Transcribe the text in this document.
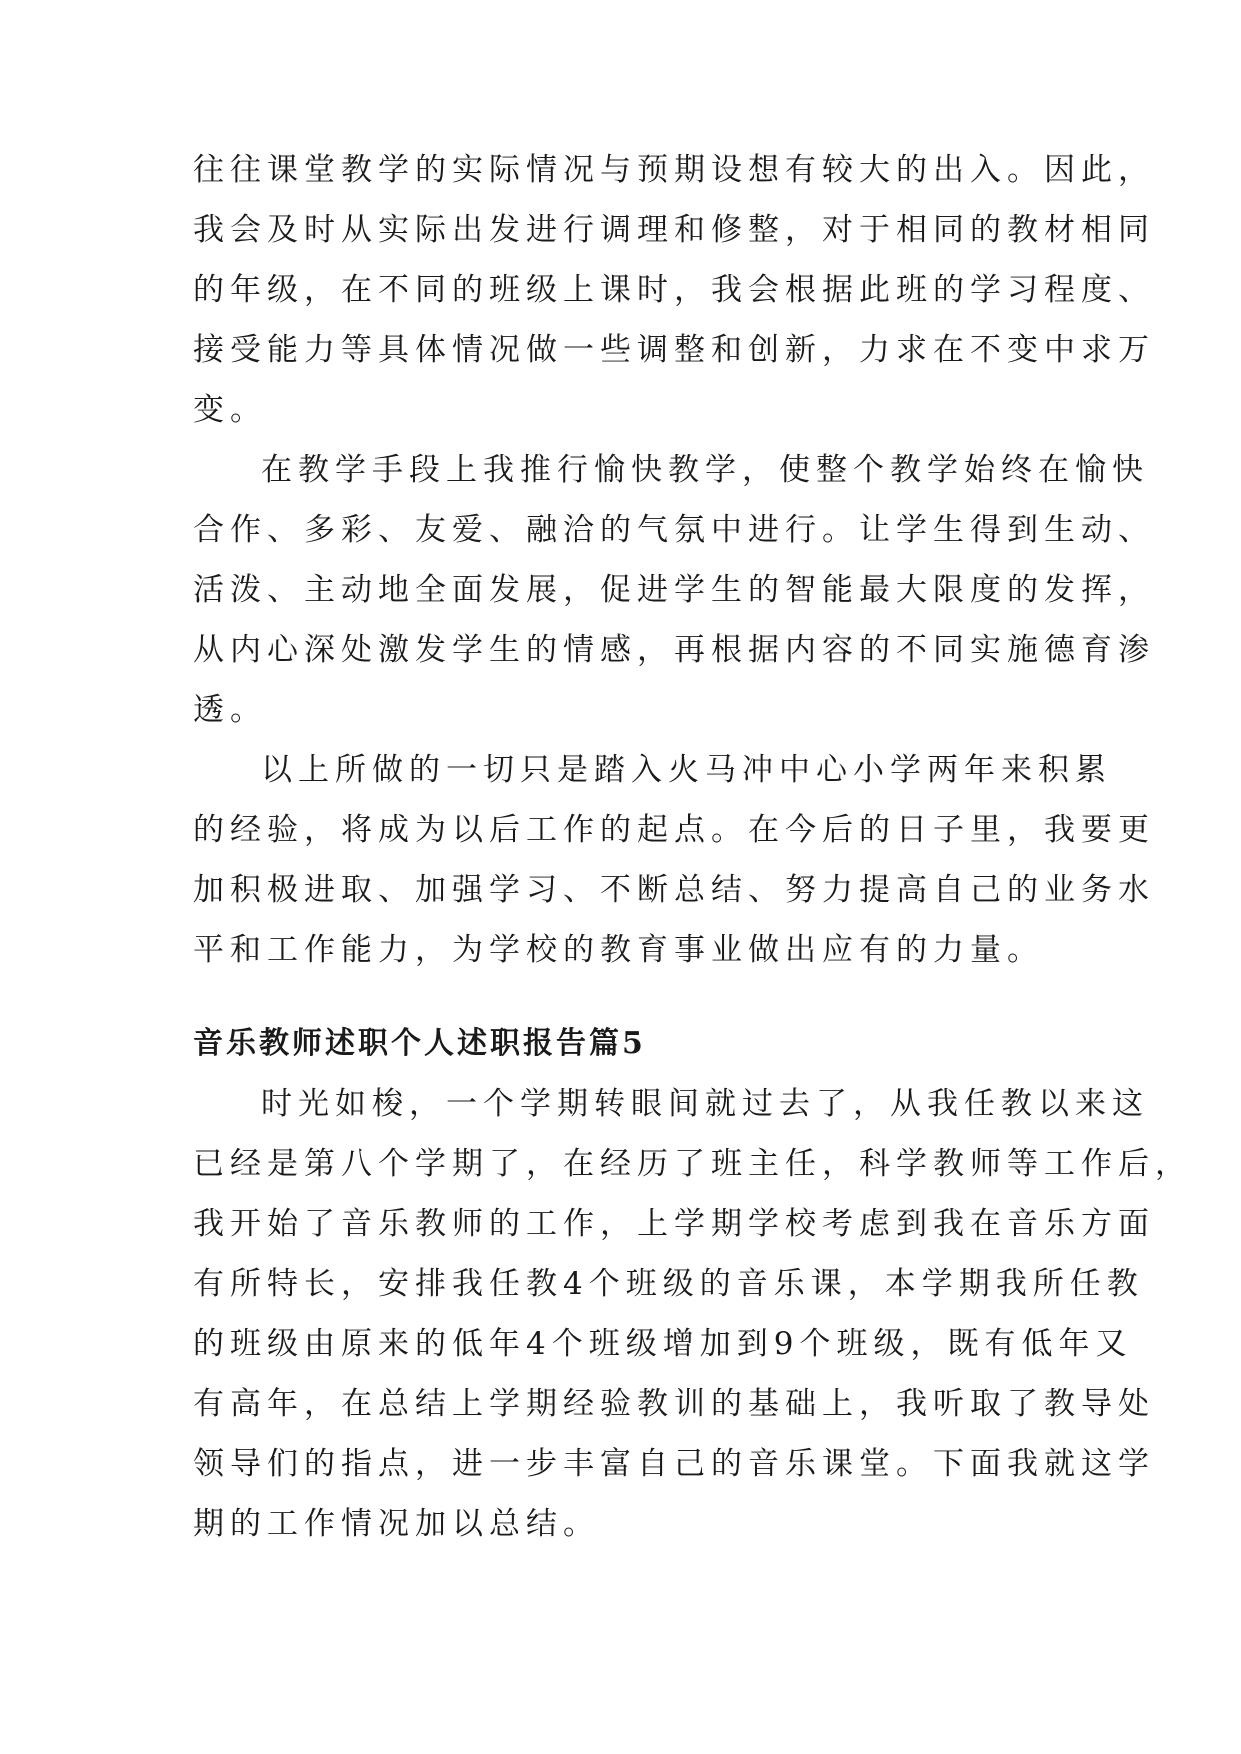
往往课堂教学的实际情况与预期设想有较大的出入。因此，
我会及时从实际出发进行调理和修整，对于相同的教材相同
的年级，在不同的班级上课时，我会根据此班的学习程度、
接受能力等具体情况做一些调整和创新，力求在不变中求万
变。

在教学手段上我推行愉快教学，使整个教学始终在愉快
合作、多彩、友爱、融洽的气氛中进行。让学生得到生动、
活泼、主动地全面发展，促进学生的智能最大限度的发挥，
从内心深处激发学生的情感，再根据内容的不同实施德育渗
透。

以上所做的一切只是踏入火马冲中心小学两年来积累
的经验，将成为以后工作的起点。在今后的日子里，我要更
加积极进取、加强学习、不断总结、努力提高自己的业务水
平和工作能力，为学校的教育事业做出应有的力量。

音乐教师述职个人述职报告篇5

时光如梭，一个学期转眼间就过去了，从我任教以来这
已经是第八个学期了，在经历了班主任，科学教师等工作后，
我开始了音乐教师的工作，上学期学校考虑到我在音乐方面
有所特长，安排我任教4个班级的音乐课，本学期我所任教
的班级由原来的低年4个班级增加到9个班级，既有低年又
有高年，在总结上学期经验教训的基础上，我听取了教导处
领导们的指点，进一步丰富自己的音乐课堂。下面我就这学
期的工作情况加以总结。
